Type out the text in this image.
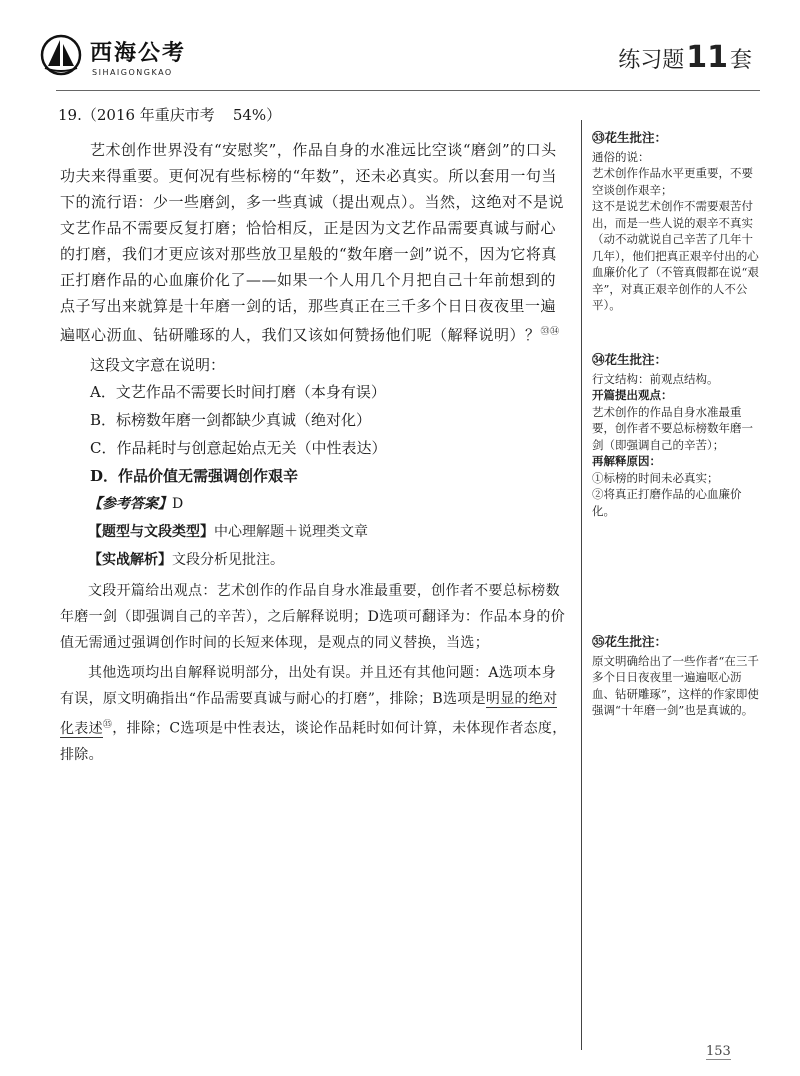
西海公考
SIHAIGONGKAO	练习题11套
19.（2016 年重庆市考 54%）

艺术创作世界没有“安慰奖”，作品自身的水准远比空谈“磨剑”的口头功夫来得重要。更何况有些标榜的“年数”，还未必真实。所以套用一句当下的流行语：少一些磨剑，多一些真诚（提出观点）。当然，这绝对不是说文艺作品不需要反复打磨；恰恰相反，正是因为文艺作品需要真诚与耐心的打磨，我们才更应该对那些放卫星般的“数年磨一剑”说不，因为它将真正打磨作品的心血廉价化了——如果一个人用几个月把自己十年前想到的点子写出来就算是十年磨一剑的话，那些真正在三千多个日日夜夜里一遍遍呕心沥血、钻研雕琢的人，我们又该如何赞扬他们呢（解释说明）？$^{㉝㉞}$

这段文字意在说明：
A．文艺作品不需要长时间打磨（本身有误）
B．标榜数年磨一剑都缺少真诚（绝对化）
C．作品耗时与创意起始点无关（中性表达）
D．作品价值无需强调创作艰辛
【参考答案】D
【题型与文段类型】中心理解题＋说理类文章
【实战解析】文段分析见批注。

文段开篇给出观点：艺术创作的作品自身水准最重要，创作者不要总标榜数年磨一剑（即强调自己的辛苦），之后解释说明；D选项可翻译为：作品本身的价值无需通过强调创作时间的长短来体现，是观点的同义替换，当选；

其他选项均出自解释说明部分，出处有误。并且还有其他问题：A选项本身有误，原文明确指出“作品需要真诚与耐心的打磨”，排除；B选项是明显的绝对化表述$^㉟$，排除；C选项是中性表达，谈论作品耗时如何计算，未体现作者态度，排除。

㉝花生批注：
通俗的说：
艺术创作作品水平更重要，不要空谈创作艰辛；
这不是说艺术创作不需要艰苦付出，而是一些人说的艰辛不真实（动不动就说自己辛苦了几年十几年），他们把真正艰辛付出的心血廉价化了（不管真假都在说“艰辛”，对真正艰辛创作的人不公平）。
㉞花生批注：
行文结构：前观点结构。
开篇提出观点：
艺术创作的作品自身水准最重要，创作者不要总标榜数年磨一剑（即强调自己的辛苦）；
再解释原因：
①标榜的时间未必真实；
②将真正打磨作品的心血廉价化。
㉟花生批注：
原文明确给出了一些作者“在三千多个日日夜夜里一遍遍呕心沥血、钻研雕琢”，这样的作家即使强调“十年磨一剑”也是真诚的。
153
